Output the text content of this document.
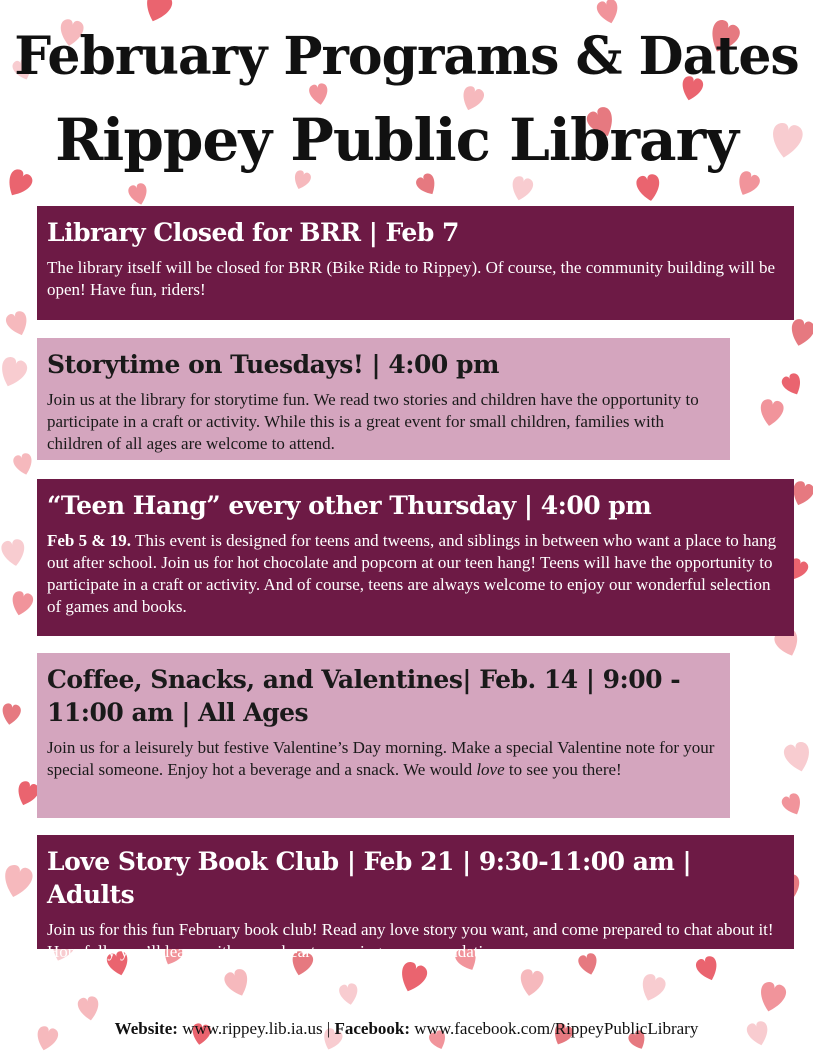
February Programs & Dates
Rippey Public Library
Library Closed for BRR | Feb 7

The library itself will be closed for BRR (Bike Ride to Rippey). Of course, the community building will be open! Have fun, riders!

Storytime on Tuesdays! | 4:00 pm

Join us at the library for storytime fun. We read two stories and children have the opportunity to participate in a craft or activity. While this is a great event for small children, families with children of all ages are welcome to attend.

“Teen Hang” every other Thursday | 4:00 pm

Feb 5 & 19. This event is designed for teens and tweens, and siblings in between who want a place to hang out after school. Join us for hot chocolate and popcorn at our teen hang! Teens will have the opportunity to participate in a craft or activity. And of course, teens are always welcome to enjoy our wonderful selection of games and books.

Coffee, Snacks, and Valentines| Feb. 14 | 9:00 - 11:00 am | All Ages

Join us for a leisurely but festive Valentine’s Day morning. Make a special Valentine note for your special someone. Enjoy hot a beverage and a snack. We would love to see you there!

Love Story Book Club | Feb 21 | 9:30-11:00 am | Adults

Join us for this fun February book club! Read any love story you want, and come prepared to chat about it! Hopefully you’ll leave with many heart-warming recommendations.

Website: www.rippey.lib.ia.us | Facebook: www.facebook.com/RippeyPublicLibrary
